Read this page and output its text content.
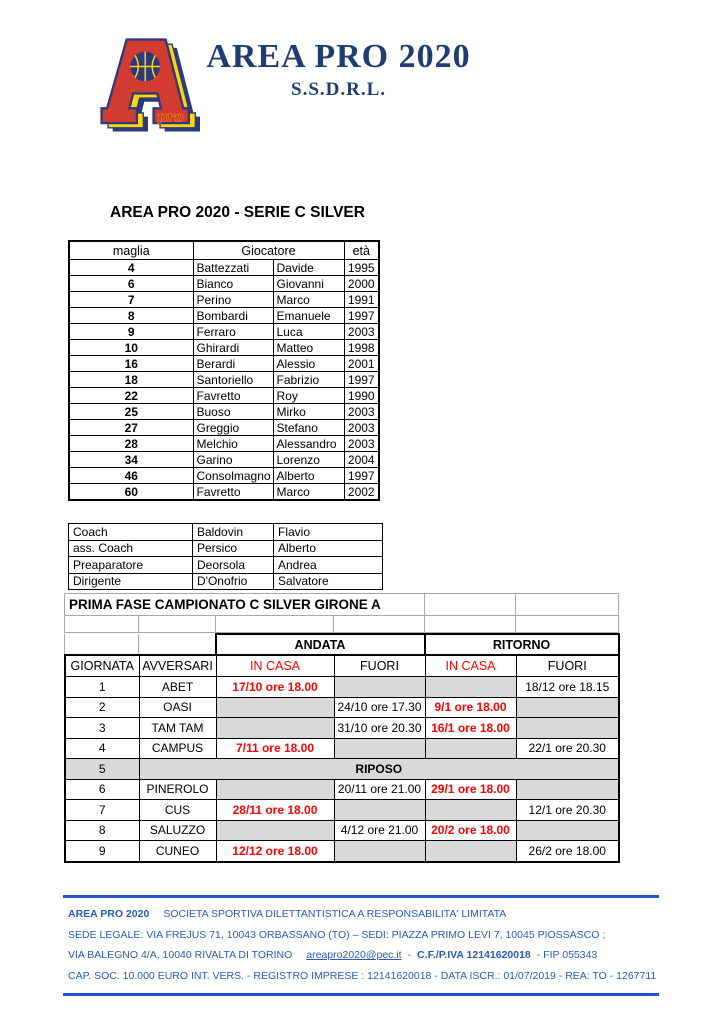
pro
AREA PRO 2020
S.S.D.R.L.
AREA PRO 2020 - SERIE C SILVER
maglia	Giocatore		età
4	Battezzati	Davide	1995
6	Bianco	Giovanni	2000
7	Perino	Marco	1991
8	Bombardi	Emanuele	1997
9	Ferraro	Luca	2003
10	Ghirardi	Matteo	1998
16	Berardi	Alessio	2001
18	Santoriello	Fabrizio	1997
22	Favretto	Roy	1990
25	Buoso	Mirko	2003
27	Greggio	Stefano	2003
28	Melchio	Alessandro	2003
34	Garino	Lorenzo	2004
46	Consolmagno	Alberto	1997
60	Favretto	Marco	2002
Coach	Baldovin	Flavio
ass. Coach	Persico	Alberto
Preaparatore	Deorsola	Andrea
Dirigente	D'Onofrio	Salvatore
PRIMA FASE CAMPIONATO C SILVER GIRONE A					

		ANDATA	RITORNO
GIORNATA	AVVERSARI	IN CASA	FUORI	IN CASA	FUORI
1	ABET	17/10 ore 18.00			18/12 ore 18.15
2	OASI		24/10 ore 17.30	9/1 ore 18.00	
3	TAM TAM		31/10 ore 20.30	16/1 ore 18.00	
4	CAMPUS	7/11 ore 18.00			22/1 ore 20.30
5	RIPOSO				
6	PINEROLO		20/11 ore 21.00	29/1 ore 18.00	
7	CUS	28/11 ore 18.00			12/1 ore 20.30
8	SALUZZO		4/12 ore 21.00	20/2 ore 18.00	
9	CUNEO	12/12 ore 18.00			26/2 ore 18.00
AREA PRO 2020 SOCIETA SPORTIVA DILETTANTISTICA A RESPONSABILITA' LIMITATA
SEDE LEGALE: VIA FREJUS 71, 10043 ORBASSANO (TO) – SEDI: PIAZZA PRIMO LEVI 7, 10045 PIOSSASCO ;
VIA BALEGNO 4/A, 10040 RIVALTA DI TORINO areapro2020@pec.it - C.F./P.IVA 12141620018 - FIP 055343
CAP. SOC. 10.000 EURO INT. VERS. - REGISTRO IMPRESE : 12141620018 - DATA ISCR.: 01/07/2019 - REA: TO - 1267711
